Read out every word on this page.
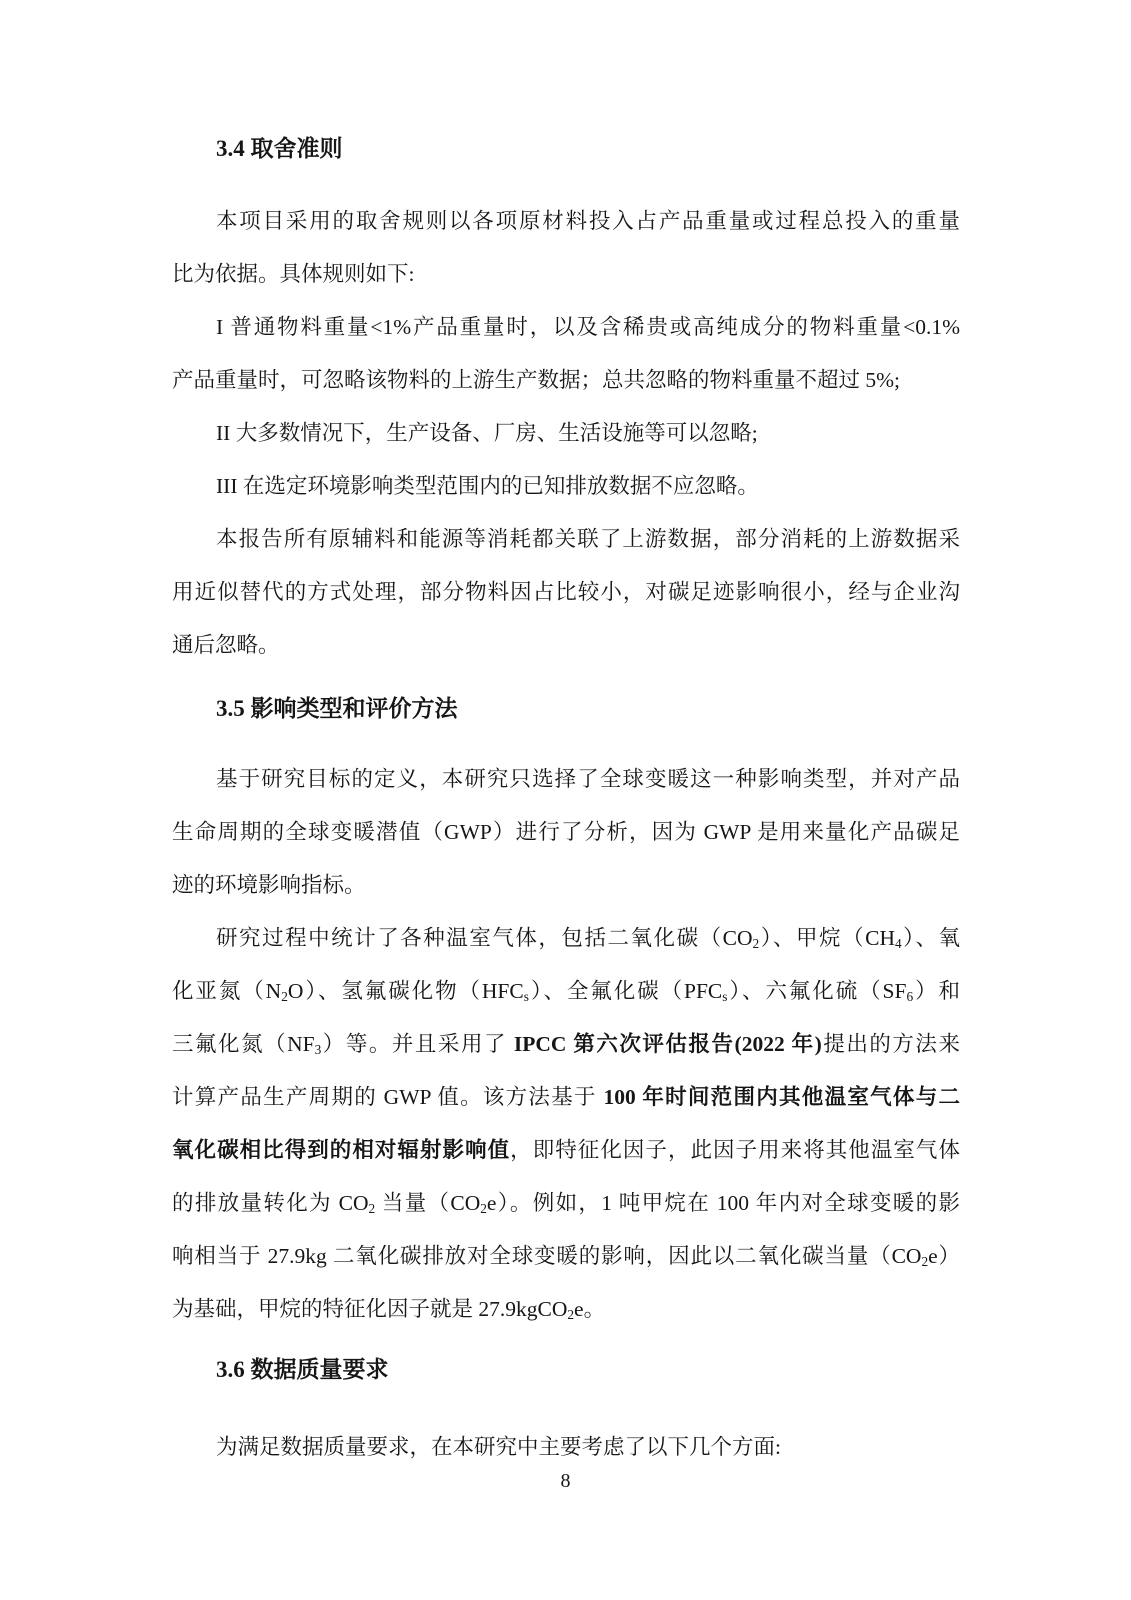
3.4 取舍准则
本项目采用的取舍规则以各项原材料投入占产品重量或过程总投入的重量
比为依据。具体规则如下:
I 普通物料重量<1%产品重量时，以及含稀贵或高纯成分的物料重量<0.1%
产品重量时，可忽略该物料的上游生产数据；总共忽略的物料重量不超过 5%;
II 大多数情况下，生产设备、厂房、生活设施等可以忽略;
III 在选定环境影响类型范围内的已知排放数据不应忽略。
本报告所有原辅料和能源等消耗都关联了上游数据，部分消耗的上游数据采
用近似替代的方式处理，部分物料因占比较小，对碳足迹影响很小，经与企业沟
通后忽略。
3.5 影响类型和评价方法
基于研究目标的定义，本研究只选择了全球变暖这一种影响类型，并对产品
生命周期的全球变暖潜值（GWP）进行了分析，因为 GWP 是用来量化产品碳足
迹的环境影响指标。
研究过程中统计了各种温室气体，包括二氧化碳$(CO_2)$、甲烷$(CH_4)$、氧
化亚氮$(N_2O)$、氢氟碳化物$(HFC_s)$、全氟化碳$(PFC_s)$、六氟化硫$(SF_6)$和
三氟化氮$(NF_3)$等。并且采用了 IPCC 第六次评估报告(2022 年)提出的方法来
计算产品生产周期的 GWP 值。该方法基于 100 年时间范围内其他温室气体与二
氧化碳相比得到的相对辐射影响值，即特征化因子，此因子用来将其他温室气体
的排放量转化为 $CO_2$ 当量$(CO_2e)$。例如，1 吨甲烷在 100 年内对全球变暖的影
响相当于 27.9kg 二氧化碳排放对全球变暖的影响，因此以二氧化碳当量$(CO_2e)$
为基础，甲烷的特征化因子就是 27.9kgCO$_2$e。
3.6 数据质量要求
为满足数据质量要求，在本研究中主要考虑了以下几个方面:
8
